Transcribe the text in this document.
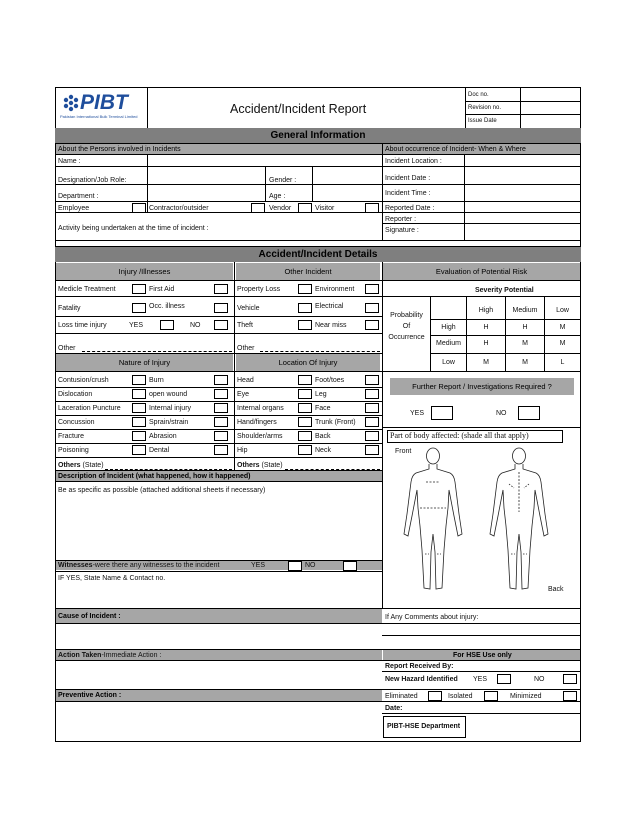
PIBT
Pakistan International Bulk Terminal Limited
Accident/Incident Report
Doc no.
Revision no.
Issue Date
General Information
About the Persons involved in Incidents	About occurrence of Incident- When & Where
Name :
Designation/Job Role:	Gender :
Department :	Age :
Employee	Contractor/outsider	Vendor	Visitor
Activity being undertaken at the time of incident :
Incident Location :
Incident Date :
Incident Time :
Reported Date :
Reporter :
Signature :
Accident/Incident Details
Injury /Illnesses	Other Incident	Evaluation of Potential Risk
Medicle Treatment	First Aid	Property Loss	Environment
Fatality	Occ. illness	Vehicle	Electrical
Loss time injury	YES	NO	Theft	Near miss
Other	Other
Nature of Injury	Location Of Injury
Contusion/crush	Burn	Head	Foot/toes
Dislocation	open wound	Eye	Leg
Laceration Puncture	Internal injury	Internal organs	Face
Concussion	Sprain/strain	Hand/fingers	Trunk (Front)
Fracture	Abrasion	Shoulder/arms	Back
Poisoning	Dental	Hip	Neck
Others (State)	Others (State)
Description of Incident (what happened, how it happened)
Be as specific as possible (attached additional sheets if necessary)
Witnesses-were there any witnesses to the incident	YES	NO
IF YES, State Name & Contact no.
Severity Potential
Probability
Of
Occurrence
High	Medium	Low
High	H	H	M
Medium	H	M	M
Low	M	M	L
Further Report / Investigations Required ?
YES	NO
Part of body affected: (shade all that apply)
Front
Back
Cause of Incident :	If Any Comments about injury:
Action Taken-Immediate Action :	For HSE Use only
Report Received By:
New Hazard Identified YES	NO
Preventive Action :	Eliminated	Isolated	Minimized
Date:
PIBT-HSE Department
